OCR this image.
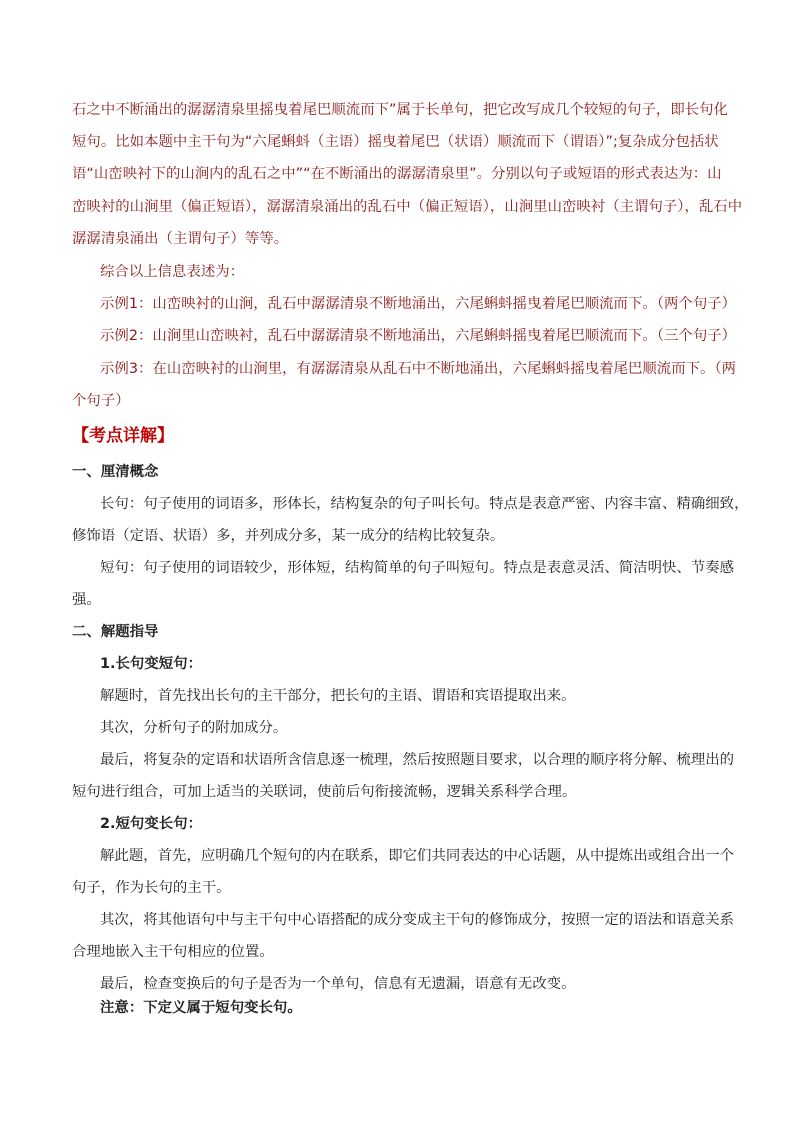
石之中不断涌出的潺潺清泉里摇曳着尾巴顺流而下”属于长单句，把它改写成几个较短的句子，即长句化

短句。比如本题中主干句为“六尾蝌蚪（主语）摇曳着尾巴（状语）顺流而下（谓语）”;复杂成分包括状

语“山峦映衬下的山涧内的乱石之中”“在不断涌出的潺潺清泉里”。分别以句子或短语的形式表达为：山

峦映衬的山涧里（偏正短语），潺潺清泉涌出的乱石中（偏正短语），山涧里山峦映衬（主谓句子），乱石中

潺潺清泉涌出（主谓句子）等等。

综合以上信息表述为：

示例1：山峦映衬的山涧，乱石中潺潺清泉不断地涌出，六尾蝌蚪摇曳着尾巴顺流而下。（两个句子）

示例2：山涧里山峦映衬，乱石中潺潺清泉不断地涌出，六尾蝌蚪摇曳着尾巴顺流而下。（三个句子）

示例3：在山峦映衬的山涧里，有潺潺清泉从乱石中不断地涌出，六尾蝌蚪摇曳着尾巴顺流而下。（两

个句子）

【考点详解】

一、厘清概念

长句：句子使用的词语多，形体长，结构复杂的句子叫长句。特点是表意严密、内容丰富、精确细致，

修饰语（定语、状语）多，并列成分多，某一成分的结构比较复杂。

短句：句子使用的词语较少，形体短，结构简单的句子叫短句。特点是表意灵活、简洁明快、节奏感

强。

二、解题指导

1.长句变短句：

解题时，首先找出长句的主干部分，把长句的主语、谓语和宾语提取出来。

其次，分析句子的附加成分。

最后，将复杂的定语和状语所含信息逐一梳理，然后按照题目要求，以合理的顺序将分解、梳理出的

短句进行组合，可加上适当的关联词，使前后句衔接流畅，逻辑关系科学合理。

2.短句变长句：

解此题，首先，应明确几个短句的内在联系，即它们共同表达的中心话题，从中提炼出或组合出一个

句子，作为长句的主干。

其次，将其他语句中与主干句中心语搭配的成分变成主干句的修饰成分，按照一定的语法和语意关系

合理地嵌入主干句相应的位置。

最后，检查变换后的句子是否为一个单句，信息有无遗漏，语意有无改变。

注意：下定义属于短句变长句。
